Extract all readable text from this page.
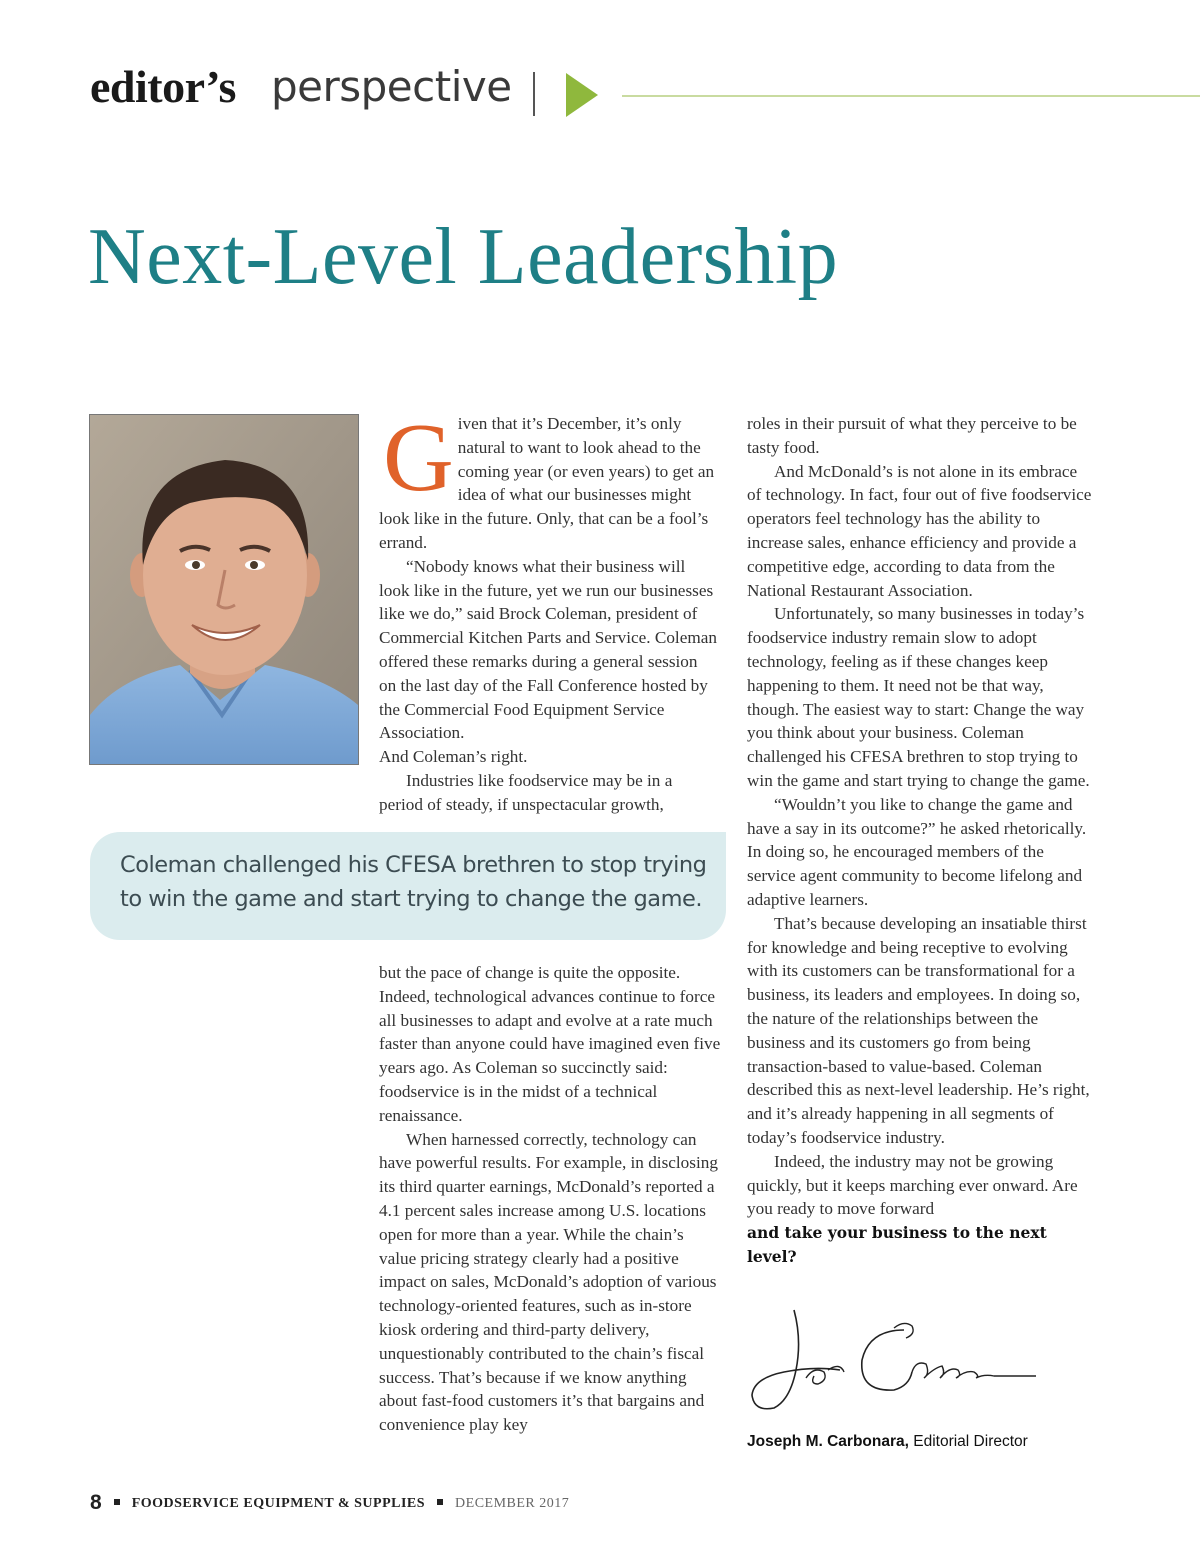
editor’s perspective
Next-Level Leadership

Given that it’s December, it’s only natural to want to look ahead to the coming year (or even years) to get an idea of what our businesses might look like in the future. Only, that can be a fool’s errand.

“Nobody knows what their business will look like in the future, yet we run our businesses like we do,” said Brock Coleman, president of Commercial Kitchen Parts and Service. Coleman offered these remarks during a general session on the last day of the Fall Conference hosted by the Commercial Food Equipment Service Association.

And Coleman’s right.

Industries like foodservice may be in a period of steady, if unspectacular growth,

Coleman challenged his CFESA brethren to stop trying to win the game and start trying to change the game.

but the pace of change is quite the opposite. Indeed, technological advances continue to force all businesses to adapt and evolve at a rate much faster than anyone could have imagined even five years ago. As Coleman so succinctly said: foodservice is in the midst of a technical renaissance.

When harnessed correctly, technology can have powerful results. For example, in disclosing its third quarter earnings, McDonald’s reported a 4.1 percent sales increase among U.S. locations open for more than a year. While the chain’s value pricing strategy clearly had a positive impact on sales, McDonald’s adoption of various technology-oriented features, such as in-store kiosk ordering and third-party delivery, unquestionably contributed to the chain’s fiscal success. That’s because if we know anything about fast-food customers it’s that bargains and convenience play key

roles in their pursuit of what they perceive to be tasty food.

And McDonald’s is not alone in its embrace of technology. In fact, four out of five foodservice operators feel technology has the ability to increase sales, enhance efficiency and provide a competitive edge, according to data from the National Restaurant Association.

Unfortunately, so many businesses in today’s foodservice industry remain slow to adopt technology, feeling as if these changes keep happening to them. It need not be that way, though. The easiest way to start: Change the way you think about your business. Coleman challenged his CFESA brethren to stop trying to win the game and start trying to change the game.

“Wouldn’t you like to change the game and have a say in its outcome?” he asked rhetorically. In doing so, he encouraged members of the service agent community to become lifelong and adaptive learners.

That’s because developing an insatiable thirst for knowledge and being receptive to evolving with its customers can be transformational for a business, its leaders and employees. In doing so, the nature of the relationships between the business and its customers go from being transaction-based to value-based. Coleman described this as next-level leadership. He’s right, and it’s already happening in all segments of today’s foodservice industry.

Indeed, the industry may not be growing quickly, but it keeps marching ever onward. Are you ready to move forward

and take your business to the next level?

Joseph M. Carbonara, Editorial Director
8 FOODSERVICE EQUIPMENT & SUPPLIES DECEMBER 2017
